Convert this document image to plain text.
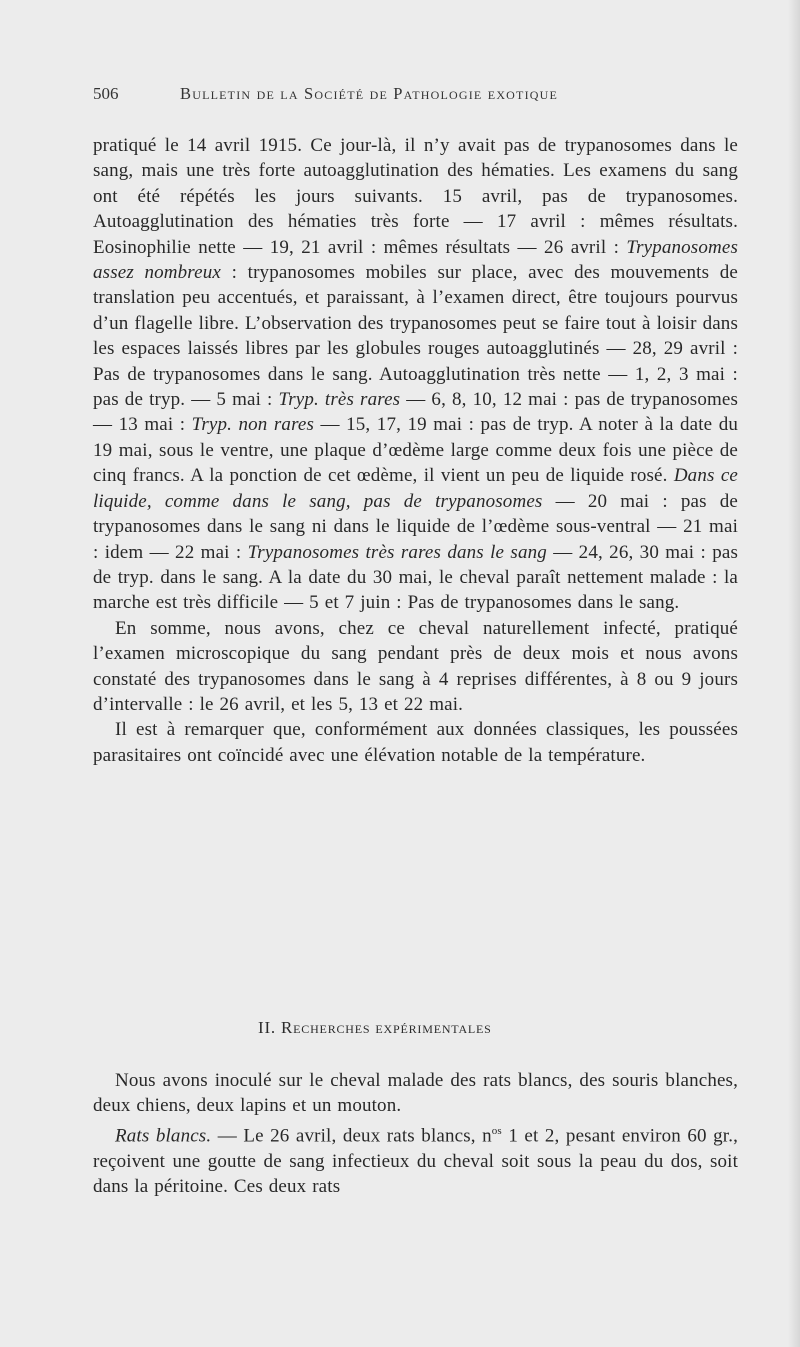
506	Bulletin de la Société de Pathologie exotique

pratiqué le 14 avril 1915. Ce jour-là, il n’y avait pas de trypanosomes dans le sang, mais une très forte autoagglutination des hématies. Les examens du sang ont été répétés les jours suivants. 15 avril, pas de trypanosomes. Autoagglutination des hématies très forte — 17 avril : mêmes résultats. Eosinophilie nette — 19, 21 avril : mêmes résultats — 26 avril : Trypanosomes assez nombreux : trypanosomes mobiles sur place, avec des mouvements de translation peu accentués, et paraissant, à l’examen direct, être toujours pourvus d’un flagelle libre. L’observation des trypanosomes peut se faire tout à loisir dans les espaces laissés libres par les globules rouges autoagglutinés — 28, 29 avril : Pas de trypanosomes dans le sang. Autoagglutination très nette — 1, 2, 3 mai : pas de tryp. — 5 mai : Tryp. très rares — 6, 8, 10, 12 mai : pas de trypanosomes — 13 mai : Tryp. non rares — 15, 17, 19 mai : pas de tryp. A noter à la date du 19 mai, sous le ventre, une plaque d’œdème large comme deux fois une pièce de cinq francs. A la ponction de cet œdème, il vient un peu de liquide rosé. Dans ce liquide, comme dans le sang, pas de trypanosomes — 20 mai : pas de trypanosomes dans le sang ni dans le liquide de l’œdème sous-ventral — 21 mai : idem — 22 mai : Trypanosomes très rares dans le sang — 24, 26, 30 mai : pas de tryp. dans le sang. A la date du 30 mai, le cheval paraît nettement malade : la marche est très difficile — 5 et 7 juin : Pas de trypanosomes dans le sang.

En somme, nous avons, chez ce cheval naturellement infecté, pratiqué l’examen microscopique du sang pendant près de deux mois et nous avons constaté des trypanosomes dans le sang à 4 reprises différentes, à 8 ou 9 jours d’intervalle : le 26 avril, et les 5, 13 et 22 mai.

Il est à remarquer que, conformément aux données classiques, les poussées parasitaires ont coïncidé avec une élévation notable de la température.

II. Recherches expérimentales

Nous avons inoculé sur le cheval malade des rats blancs, des souris blanches, deux chiens, deux lapins et un mouton.

Rats blancs. — Le 26 avril, deux rats blancs, $n^{os}$ 1 et 2, pesant environ 60 gr., reçoivent une goutte de sang infectieux du cheval soit sous la peau du dos, soit dans la péritoine. Ces deux rats
